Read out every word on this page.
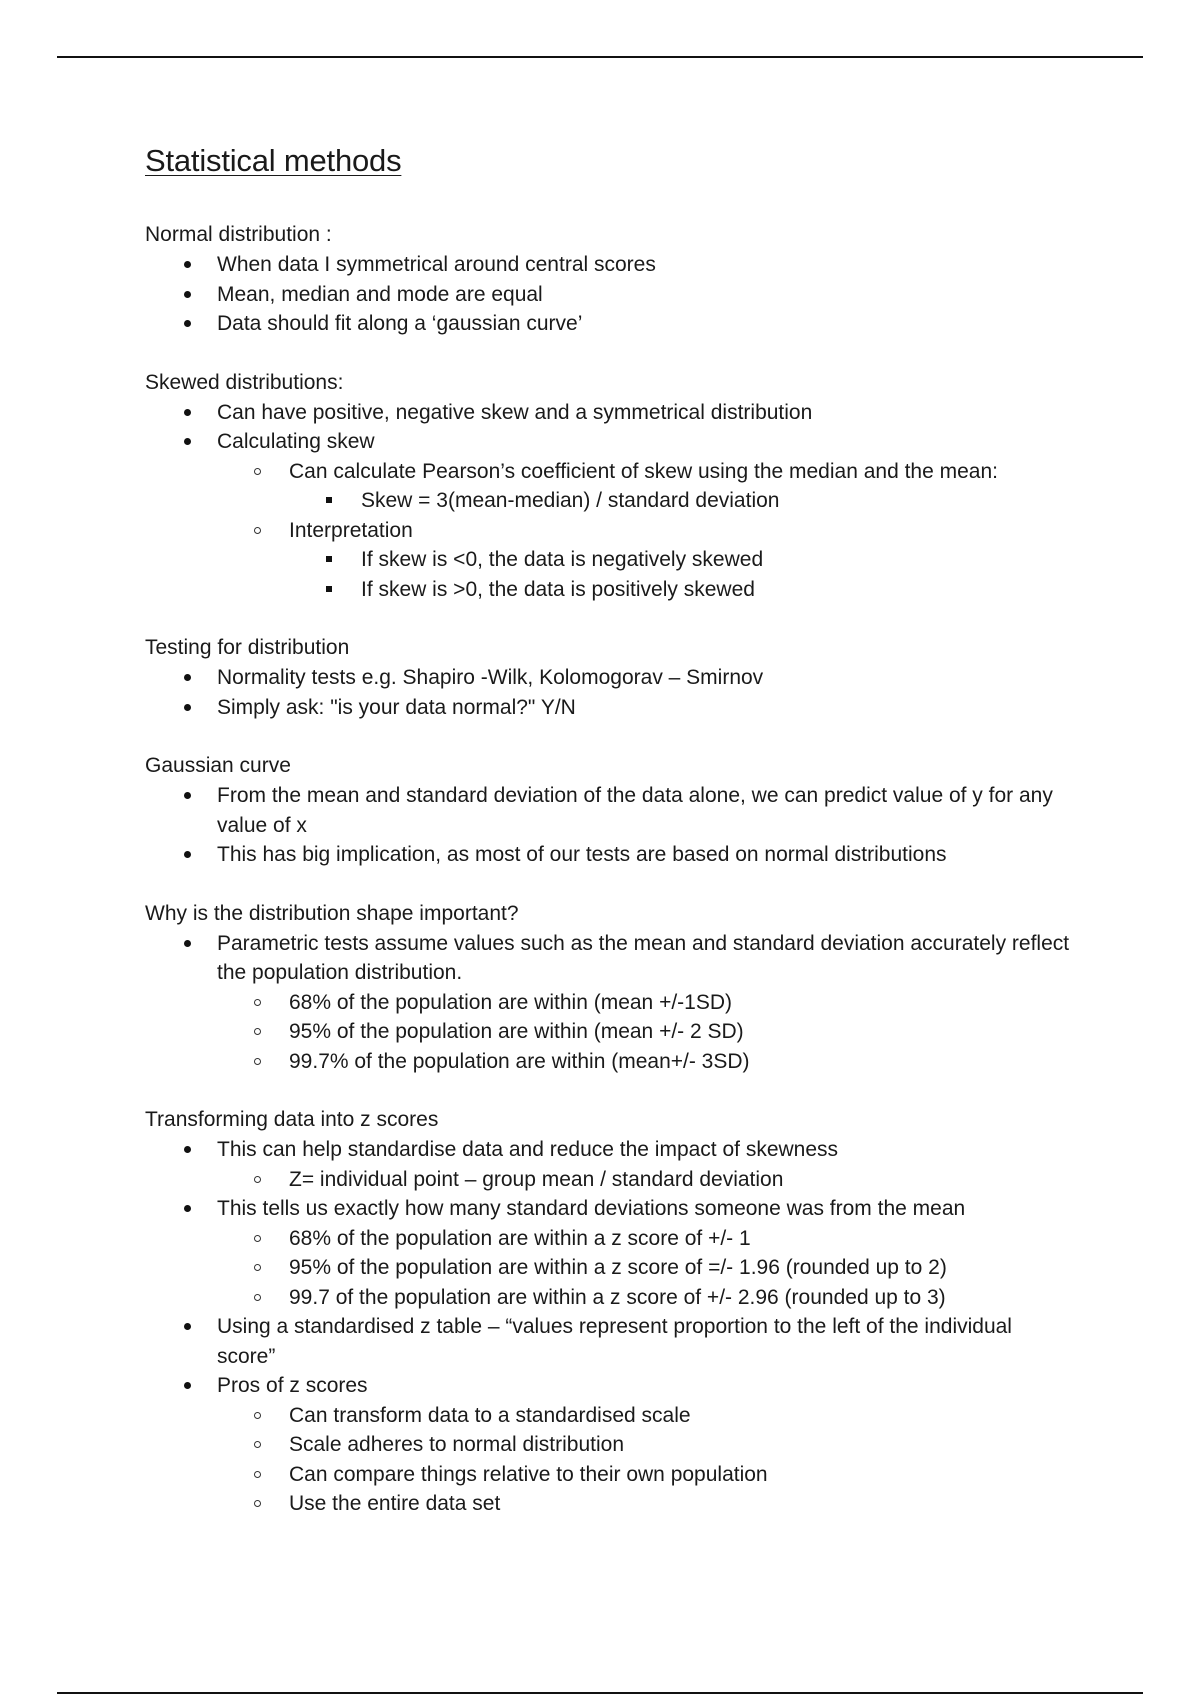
Statistical methods
Normal distribution :
When data I symmetrical around central scores
Mean, median and mode are equal
Data should fit along a ‘gaussian curve’
Skewed distributions:
Can have positive, negative skew and a symmetrical distribution
Calculating skew
Can calculate Pearson’s coefficient of skew using the median and the mean:
Skew = 3(mean-median) / standard deviation
Interpretation
If skew is <0, the data is negatively skewed
If skew is >0, the data is positively skewed
Testing for distribution
Normality tests e.g. Shapiro -Wilk, Kolomogorav – Smirnov
Simply ask: "is your data normal?" Y/N
Gaussian curve
From the mean and standard deviation of the data alone, we can predict value of y for any value of x
This has big implication, as most of our tests are based on normal distributions
Why is the distribution shape important?
Parametric tests assume values such as the mean and standard deviation accurately reflect the population distribution.
68% of the population are within (mean +/-1SD)
95% of the population are within (mean +/- 2 SD)
99.7% of the population are within (mean+/- 3SD)
Transforming data into z scores
This can help standardise data and reduce the impact of skewness
Z= individual point – group mean / standard deviation
This tells us exactly how many standard deviations someone was from the mean
68% of the population are within a z score of +/- 1
95% of the population are within a z score of =/- 1.96 (rounded up to 2)
99.7 of the population are within a z score of +/- 2.96 (rounded up to 3)
Using a standardised z table – “values represent proportion to the left of the individual score”
Pros of z scores
Can transform data to a standardised scale
Scale adheres to normal distribution
Can compare things relative to their own population
Use the entire data set
